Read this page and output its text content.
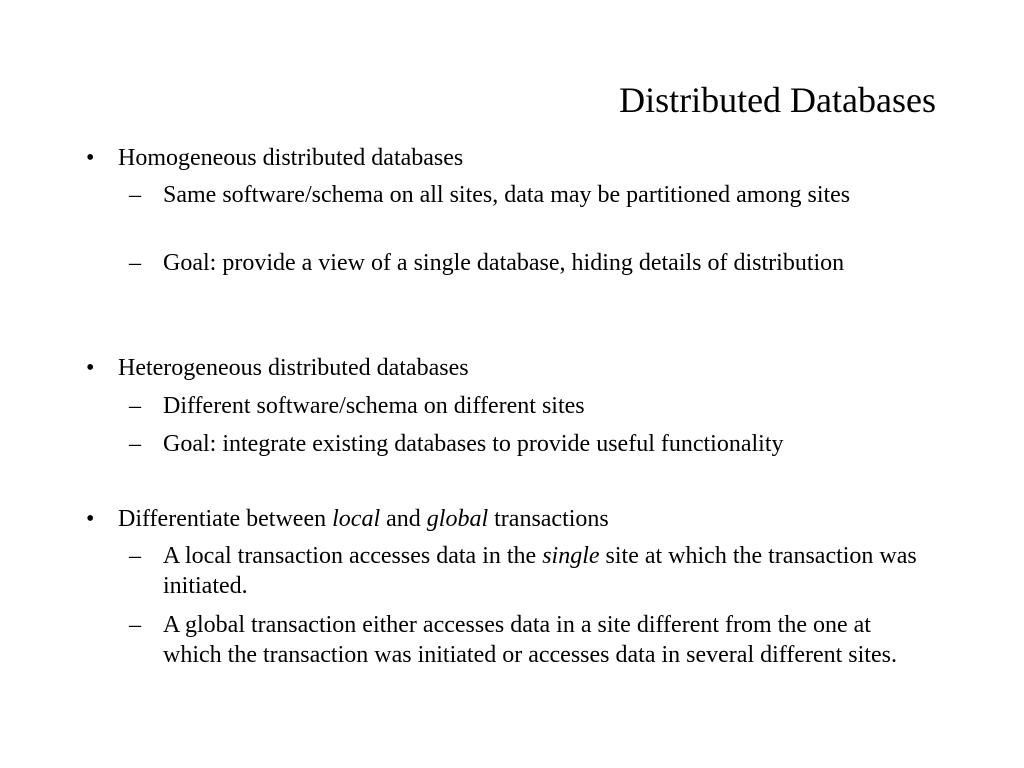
Distributed Databases
• Homogeneous distributed databases
– Same software/schema on all sites, data may be partitioned among sites
– Goal: provide a view of a single database, hiding details of distribution
• Heterogeneous distributed databases
– Different software/schema on different sites
– Goal: integrate existing databases to provide useful functionality
• Differentiate between local and global transactions
– A local transaction accesses data in the single site at which the transaction was initiated.
– A global transaction either accesses data in a site different from the one at which the transaction was initiated or accesses data in several different sites.
